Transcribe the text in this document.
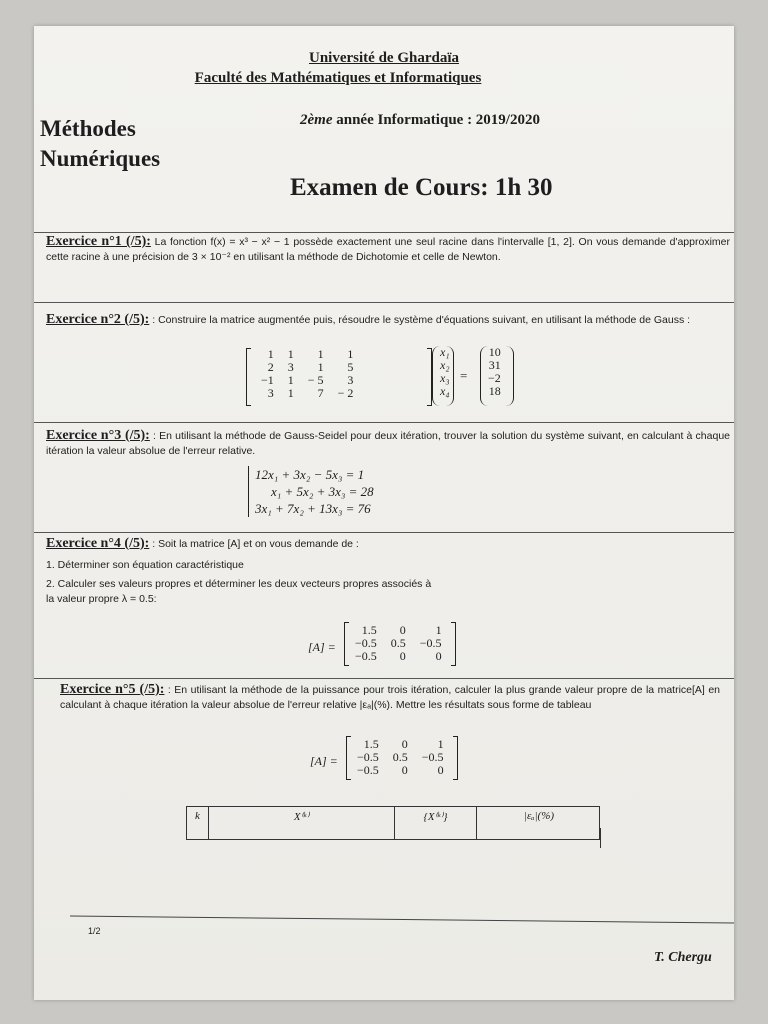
Université de Ghardaïa
Faculté des Mathématiques et Informatiques
Méthodes
Numériques
2ème année Informatique : 2019/2020
Examen de Cours: 1h 30
Exercice n°1 (/5): La fonction f(x) = x³ − x² − 1 possède exactement une seul racine dans l'intervalle [1, 2]. On vous demande d'approximer cette racine à une précision de 3 × 10⁻² en utilisant la méthode de Dichotomie et celle de Newton.
Exercice n°2 (/5): : Construire la matrice augmentée puis, résoudre le système d'équations suivant, en utilisant la méthode de Gauss :
1	1	1	1
2	3	1	5
−1	1	− 5	3
3	1	7	− 2
x₁
x₂
x₃
x₄
=
10
31
−2
18
Exercice n°3 (/5): : En utilisant la méthode de Gauss-Seidel pour deux itération, trouver la solution du système suivant, en calculant à chaque itération la valeur absolue de l'erreur relative.
12x₁ + 3x₂ − 5x₃ = 1
x₁ + 5x₂ + 3x₃ = 28
3x₁ + 7x₂ + 13x₃ = 76
Exercice n°4 (/5): : Soit la matrice [A] et on vous demande de :
1. Déterminer son équation caractéristique
2. Calculer ses valeurs propres et déterminer les deux vecteurs propres associés à
la valeur propre λ = 0.5:
[A] =
1.5	0	1
−0.5	0.5	−0.5
−0.5	0	0
Exercice n°5 (/5): : En utilisant la méthode de la puissance pour trois itération, calculer la plus grande valeur propre de la matrice[A] en calculant à chaque itération la valeur absolue de l'erreur relative |εₐ|(%). Mettre les résultats sous forme de tableau
[A] =
1.5	0	1
−0.5	0.5	−0.5
−0.5	0	0
k	X⁽ᵏ⁾	{X⁽ᵏ⁾}	|εₐ|(%)
1/2
T. Chergu
